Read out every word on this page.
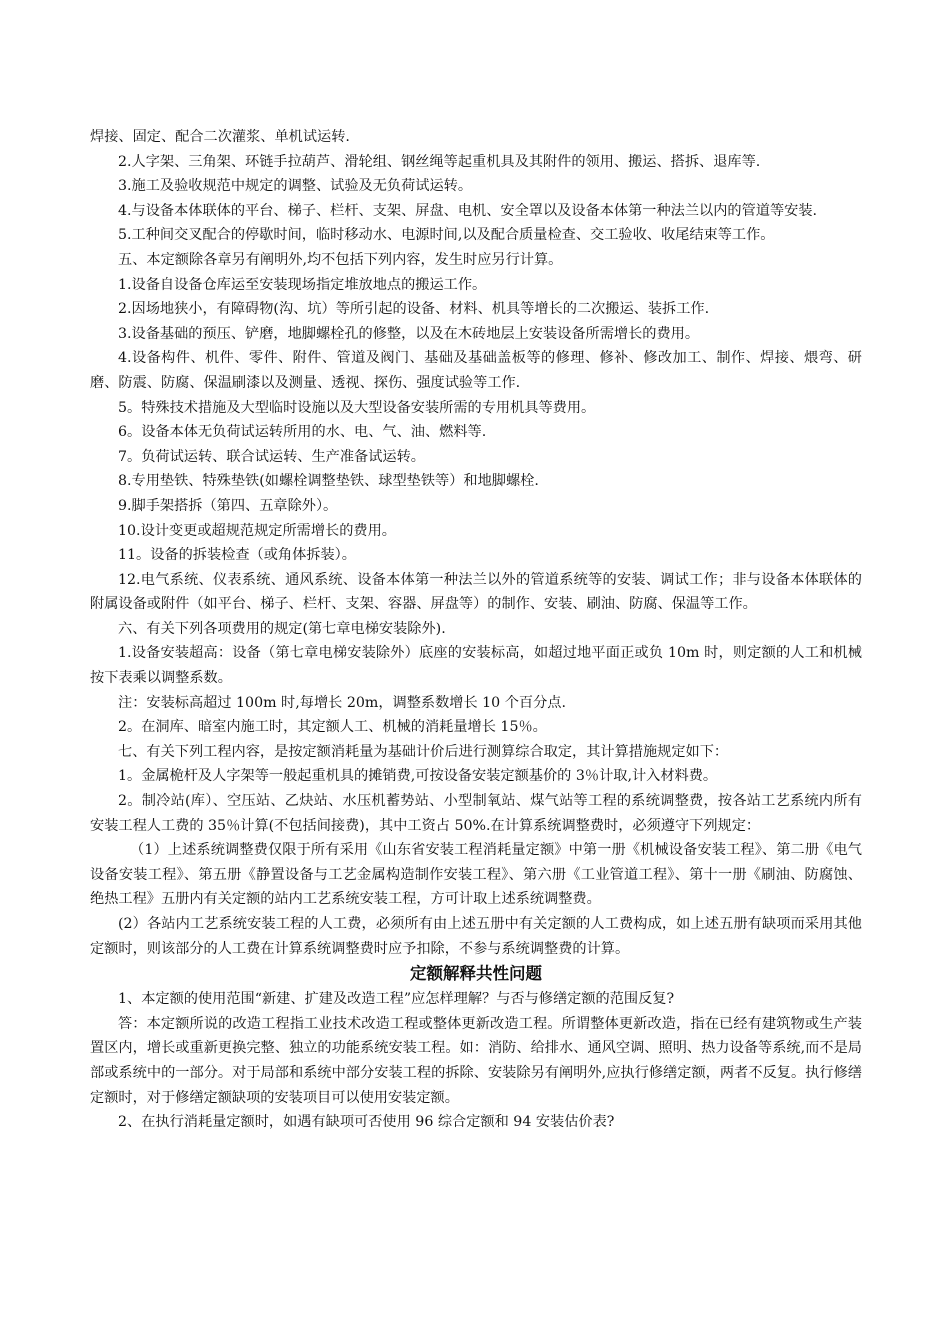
焊接、固定、配合二次灌浆、单机试运转.

2.人字架、三角架、环链手拉葫芦、滑轮组、钢丝绳等起重机具及其附件的领用、搬运、搭拆、退库等.

3.施工及验收规范中规定的调整、试验及无负荷试运转。

4.与设备本体联体的平台、梯子、栏杆、支架、屏盘、电机、安全罩以及设备本体第一种法兰以内的管道等安装.

5.工种间交叉配合的停歇时间，临时移动水、电源时间,以及配合质量检查、交工验收、收尾结束等工作。

五、本定额除各章另有阐明外,均不包括下列内容，发生时应另行计算。

1.设备自设备仓库运至安装现场指定堆放地点的搬运工作。

2.因场地狭小，有障碍物(沟、坑）等所引起的设备、材料、机具等增长的二次搬运、装拆工作.

3.设备基础的预压、铲磨，地脚螺栓孔的修整，以及在木砖地层上安装设备所需增长的费用。

4.设备构件、机件、零件、附件、管道及阀门、基础及基础盖板等的修理、修补、修改加工、制作、焊接、煨弯、研磨、防震、防腐、保温刷漆以及测量、透视、探伤、强度试验等工作.

5。特殊技术措施及大型临时设施以及大型设备安装所需的专用机具等费用。

6。设备本体无负荷试运转所用的水、电、气、油、燃料等.

7。负荷试运转、联合试运转、生产准备试运转。

8.专用垫铁、特殊垫铁(如螺栓调整垫铁、球型垫铁等）和地脚螺栓.

9.脚手架搭拆（第四、五章除外）。

10.设计变更或超规范规定所需增长的费用。

11。设备的拆装检查（或角体拆装）。

12.电气系统、仪表系统、通风系统、设备本体第一种法兰以外的管道系统等的安装、调试工作；非与设备本体联体的附属设备或附件（如平台、梯子、栏杆、支架、容器、屏盘等）的制作、安装、刷油、防腐、保温等工作。

六、有关下列各项费用的规定(第七章电梯安装除外).

1.设备安装超高：设备（第七章电梯安装除外）底座的安装标高，如超过地平面正或负 10m 时，则定额的人工和机械按下表乘以调整系数。

注：安装标高超过 100m 时,每增长 20m，调整系数增长 10 个百分点.

2。在洞库、暗室内施工时，其定额人工、机械的消耗量增长 15％。

七、有关下列工程内容，是按定额消耗量为基础计价后进行测算综合取定，其计算措施规定如下：

1。金属桅杆及人字架等一般起重机具的摊销费,可按设备安装定额基价的 3％计取,计入材料费。

2。制冷站(库）、空压站、乙炔站、水压机蓄势站、小型制氧站、煤气站等工程的系统调整费，按各站工艺系统内所有安装工程人工费的 35％计算(不包括间接费)，其中工资占 50%.在计算系统调整费时，必须遵守下列规定：

（1）上述系统调整费仅限于所有采用《山东省安装工程消耗量定额》中第一册《机械设备安装工程》、第二册《电气设备安装工程》、第五册《静置设备与工艺金属构造制作安装工程》、第六册《工业管道工程》、第十一册《刷油、防腐蚀、绝热工程》五册内有关定额的站内工艺系统安装工程，方可计取上述系统调整费。

(2）各站内工艺系统安装工程的人工费，必须所有由上述五册中有关定额的人工费构成，如上述五册有缺项而采用其他定额时，则该部分的人工费在计算系统调整费时应予扣除，不参与系统调整费的计算。

定额解释共性问题

1、本定额的使用范围“新建、扩建及改造工程”应怎样理解？与否与修缮定额的范围反复?

答：本定额所说的改造工程指工业技术改造工程或整体更新改造工程。所谓整体更新改造，指在已经有建筑物或生产装置区内，增长或重新更换完整、独立的功能系统安装工程。如：消防、给排水、通风空调、照明、热力设备等系统,而不是局部或系统中的一部分。对于局部和系统中部分安装工程的拆除、安装除另有阐明外,应执行修缮定额，两者不反复。执行修缮定额时，对于修缮定额缺项的安装项目可以使用安装定额。

2、在执行消耗量定额时，如遇有缺项可否使用 96 综合定额和 94 安装估价表?
